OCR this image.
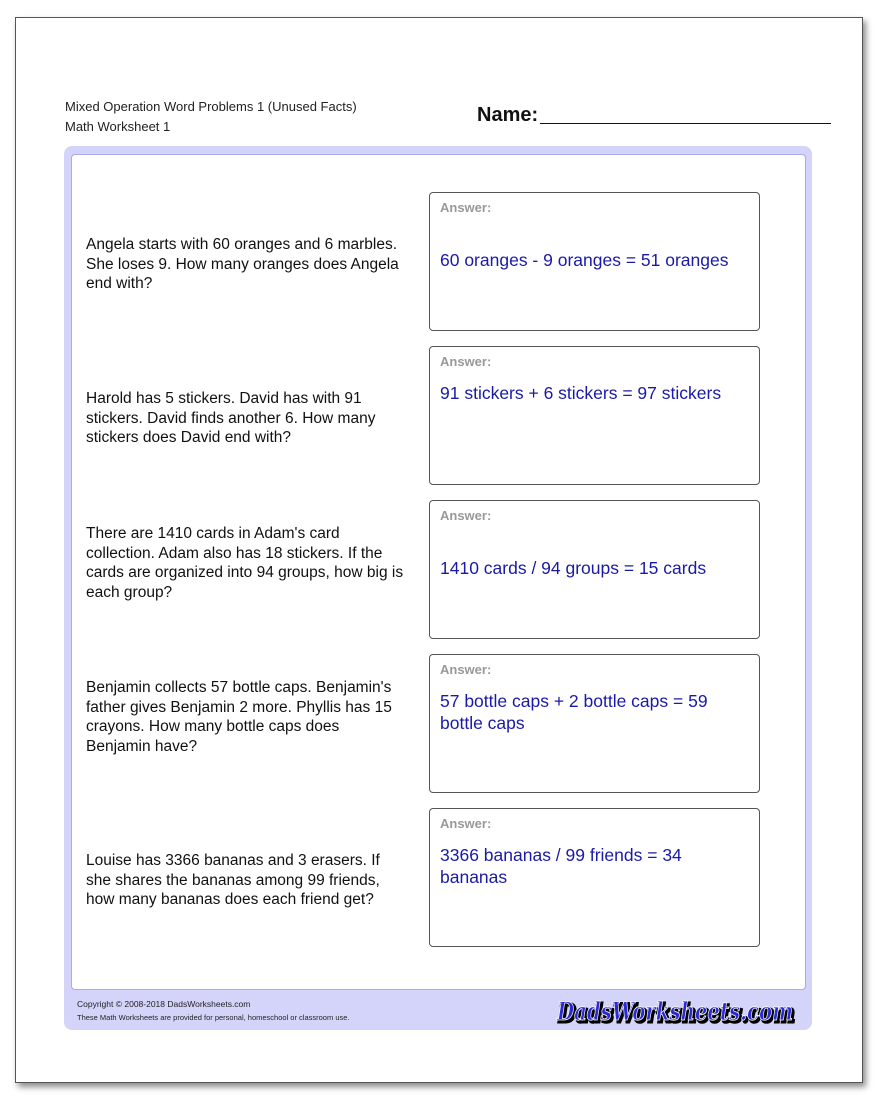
Mixed Operation Word Problems 1 (Unused Facts)
Math Worksheet 1
Name:
Angela starts with 60 oranges and 6 marbles. She loses 9. How many oranges does Angela end with?
Answer:
60 oranges - 9 oranges = 51 oranges
Harold has 5 stickers. David has with 91 stickers. David finds another 6. How many stickers does David end with?
Answer:
91 stickers + 6 stickers = 97 stickers
There are 1410 cards in Adam's card collection. Adam also has 18 stickers. If the cards are organized into 94 groups, how big is each group?
Answer:
1410 cards / 94 groups = 15 cards
Benjamin collects 57 bottle caps. Benjamin's father gives Benjamin 2 more. Phyllis has 15 crayons. How many bottle caps does Benjamin have?
Answer:
57 bottle caps + 2 bottle caps = 59 bottle caps
Louise has 3366 bananas and 3 erasers. If she shares the bananas among 99 friends, how many bananas does each friend get?
Answer:
3366 bananas / 99 friends = 34 bananas
Copyright © 2008-2018 DadsWorksheets.com
These Math Worksheets are provided for personal, homeschool or classroom use.	DadsWorksheets.com
DadsWorksheets.com
